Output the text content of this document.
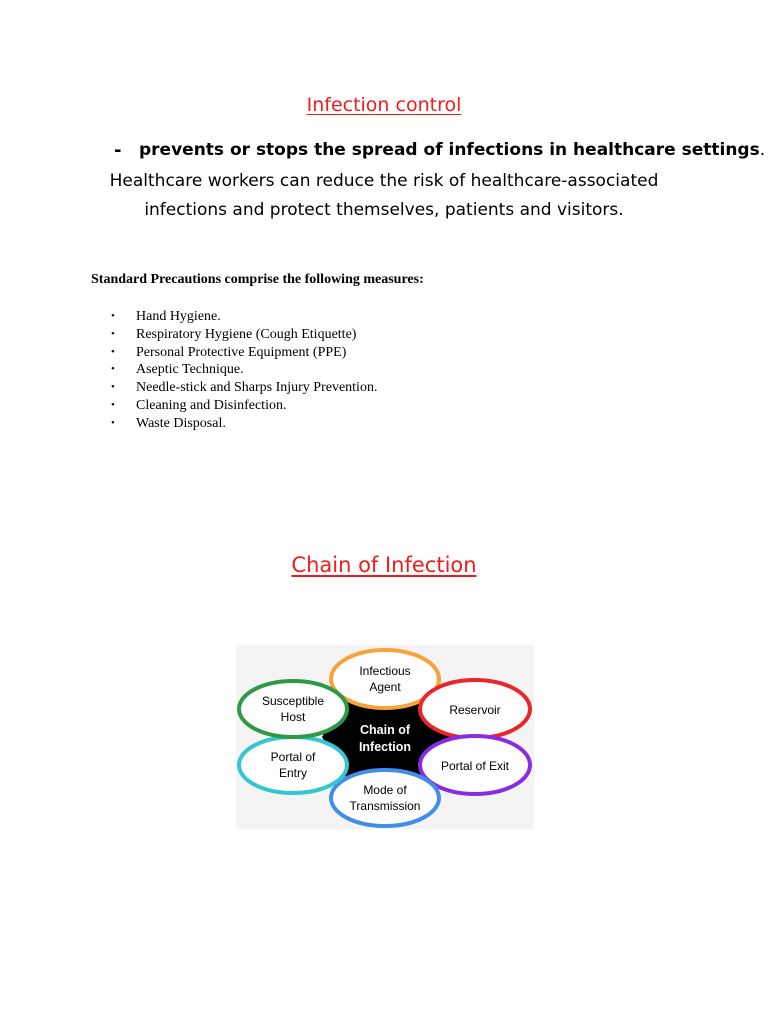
Infection control
- prevents or stops the spread of infections in healthcare settings.
Healthcare workers can reduce the risk of healthcare-associated
infections and protect themselves, patients and visitors.
Standard Precautions comprise the following measures:
• Hand Hygiene.
• Respiratory Hygiene (Cough Etiquette)
• Personal Protective Equipment (PPE)
• Aseptic Technique.
• Needle-stick and Sharps Injury Prevention.
• Cleaning and Disinfection.
• Waste Disposal.
Chain of Infection
Chain of
Infection
Infectious
Agent
Reservoir
Portal of Exit
Mode of
Transmission
Portal of
Entry
Susceptible
Host
